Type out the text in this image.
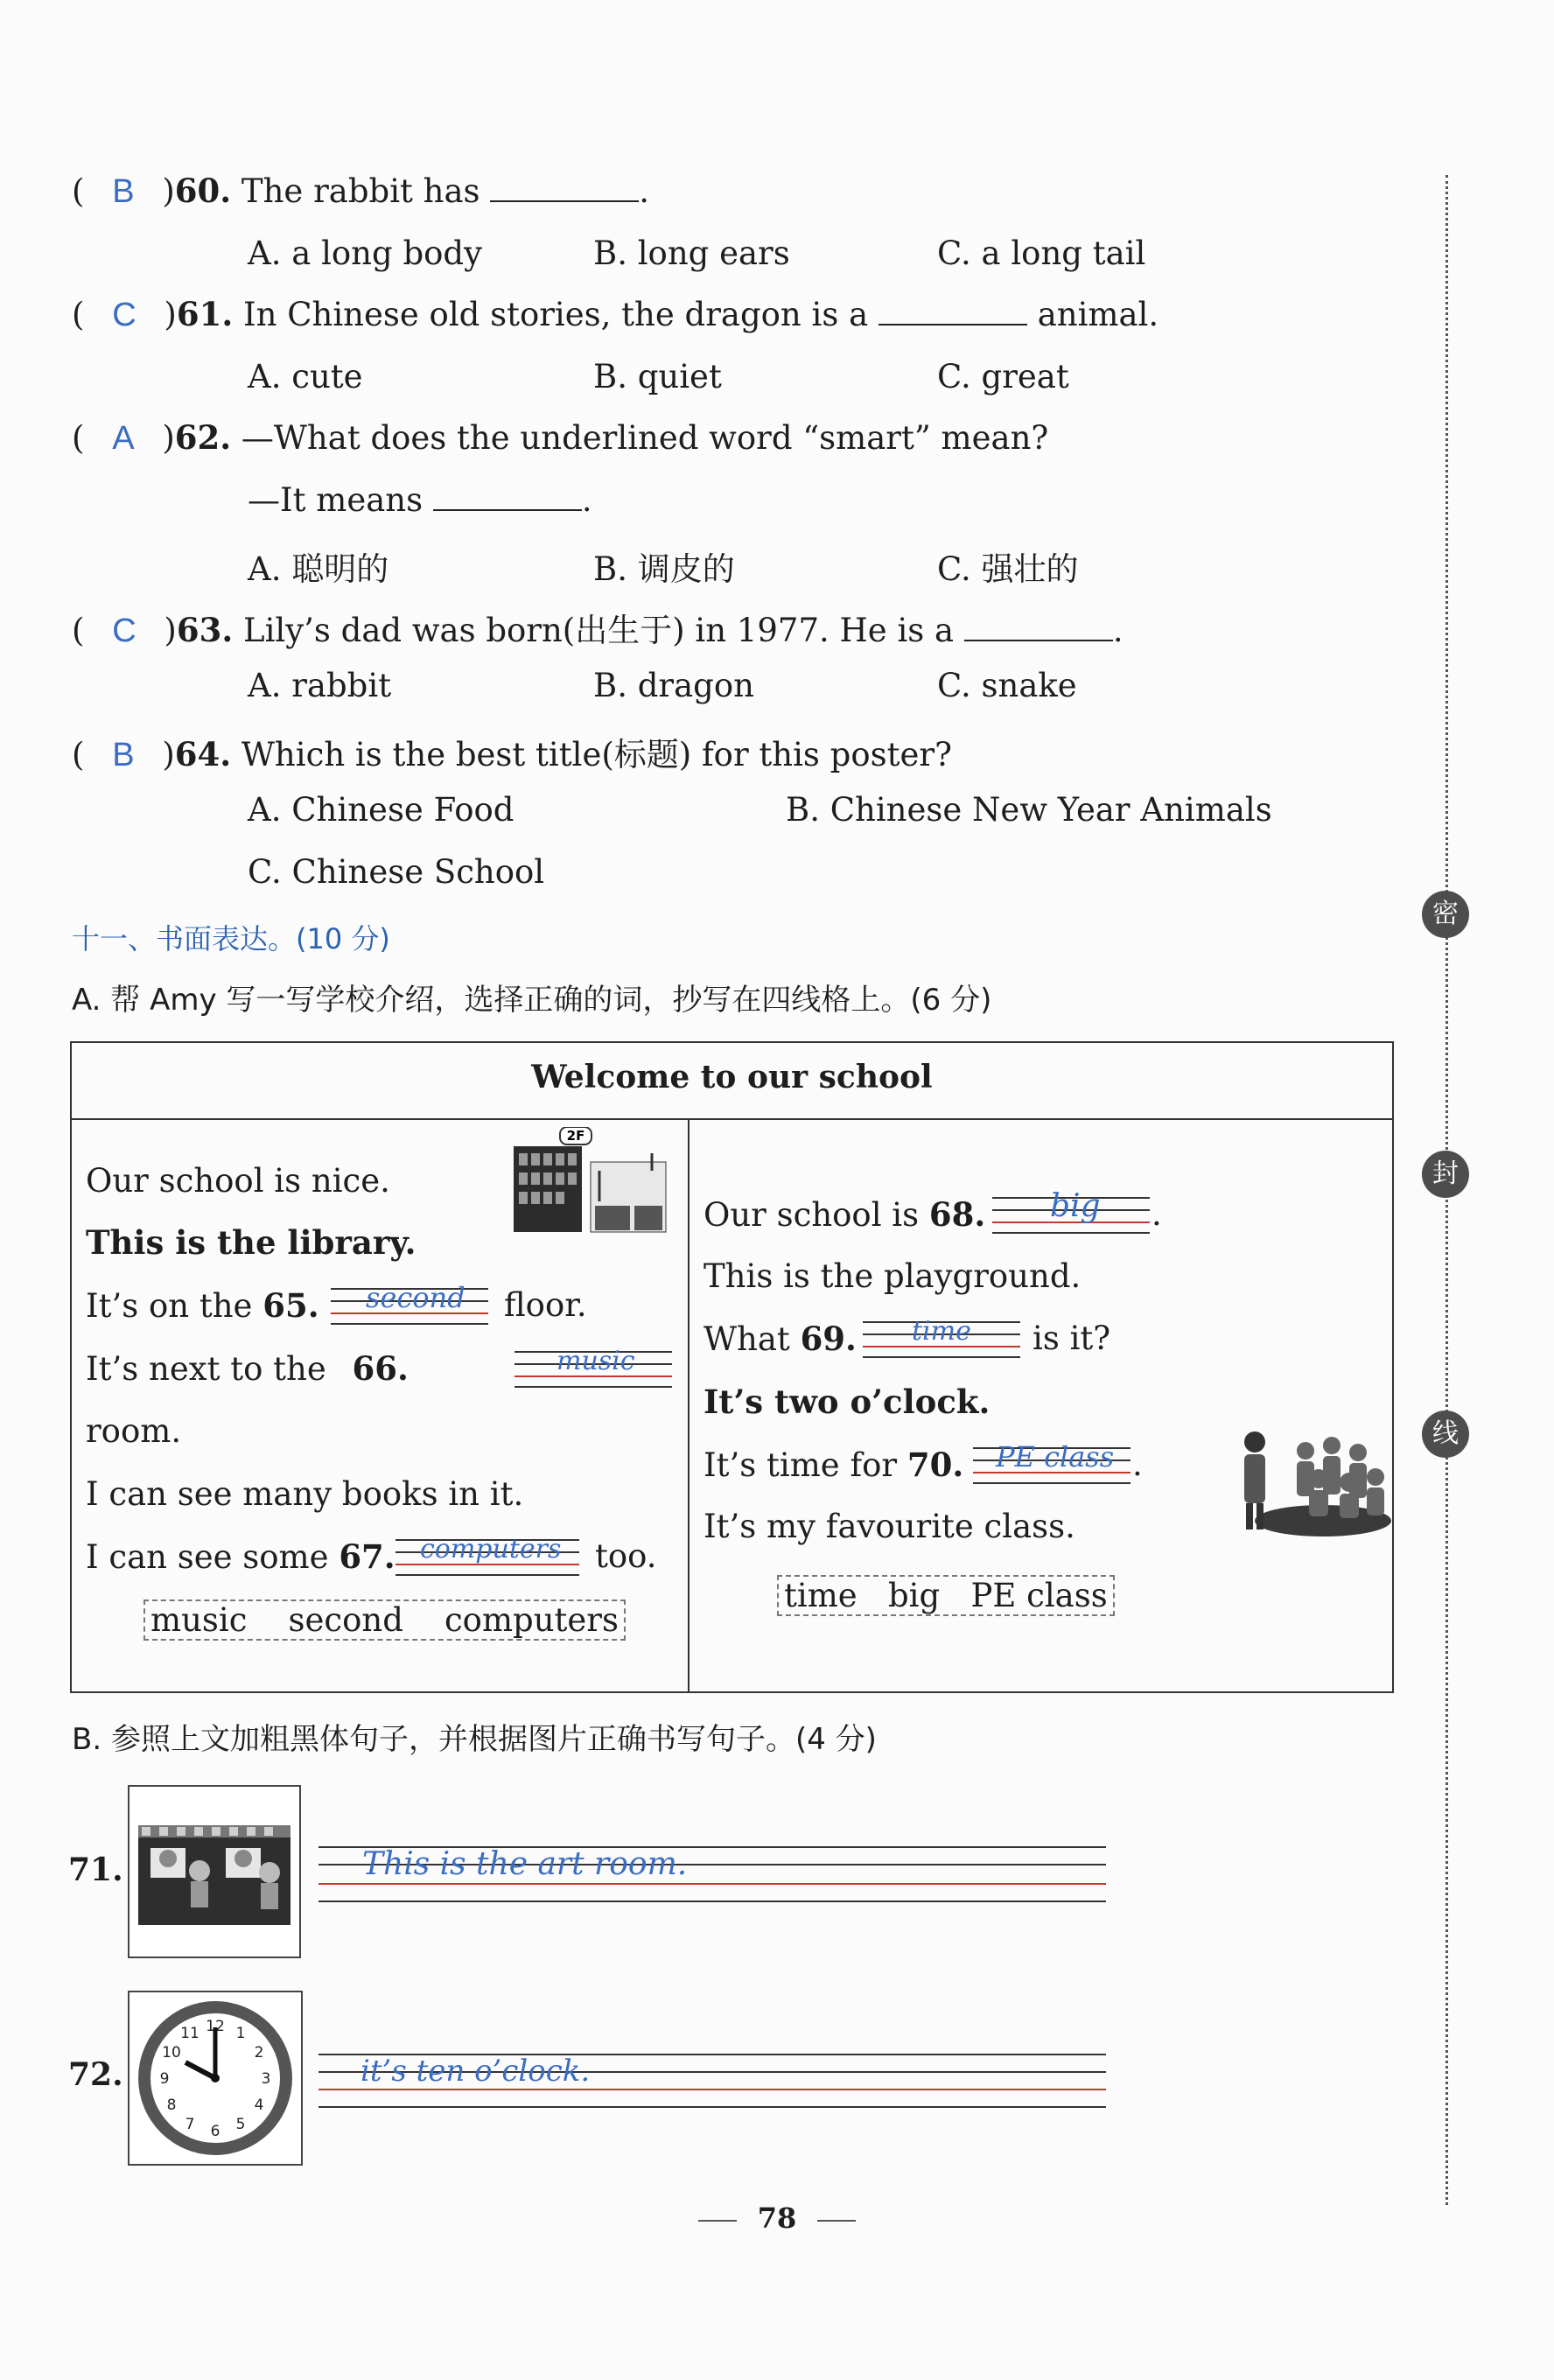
密
封
线
( B )60. The rabbit has	.
A. a long body	B. long ears	C. a long tail
( C )61. In Chinese old stories, the dragon is a	animal.
A. cute	B. quiet	C. great
( A )62. —What does the underlined word “smart” mean?
—It means	.
A. 聪明的	B. 调皮的	C. 强壮的
( C )63. Lily’s dad was born(出生于) in 1977. He is a	.
A. rabbit	B. dragon	C. snake
( B )64. Which is the best title(标题) for this poster?
A. Chinese Food	B. Chinese New Year Animals
C. Chinese School
十一、书面表达。(10 分)
A. 帮 Amy 写一写学校介绍，选择正确的词，抄写在四线格上。(6 分)
Welcome to our school
2F
Our school is nice.
This is the library.
It’s on the 65. second floor.
It’s next to the 66.	music
room.
I can see many books in it.
I can see some 67. computers too.
music    second    computers
Our school is 68. big .
This is the playground.
What 69. time is it?
It’s two o’clock.
It’s time for 70. PE class .
It’s my favourite class.
time   big   PE class
B. 参照上文加粗黑体句子，并根据图片正确书写句子。(4 分)
71.	This is the art room.
72.
12 1
2
3
4
5
6
7
8
9
10
11
it’s ten o’clock.
78
